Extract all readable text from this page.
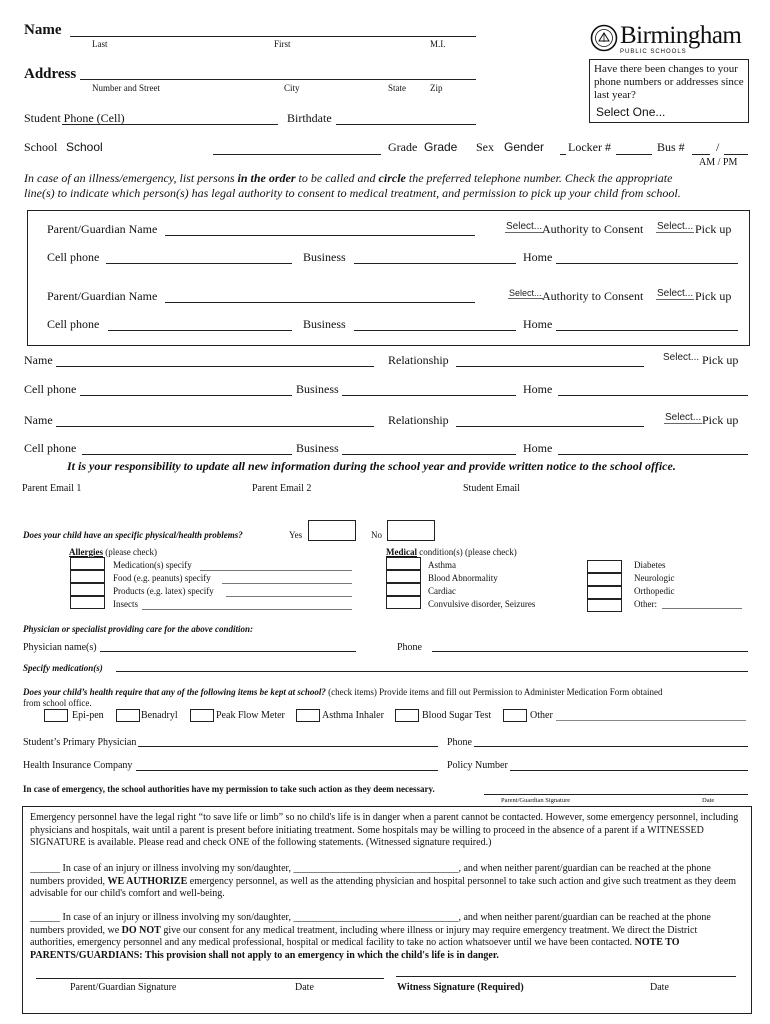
Name
Last	First	M.I.
Address
Number and Street	City	State	Zip
Birmingham
PUBLIC SCHOOLS
Have there been changes to your phone numbers or addresses since last year?
Select One...
Student Phone (Cell)	Birthdate
School School	Grade Grade Sex Gender Locker #	Bus #	/
AM / PM
In case of an illness/emergency, list persons in the order to be called and circle the preferred telephone number. Check the appropriate
line(s) to indicate which person(s) has legal authority to consent to medical treatment, and permission to pick up your child from school.
Parent/Guardian Name	Select... Authority to Consent Select... Pick up
Cell phone	Business	Home
Parent/Guardian Name	Select... Authority to Consent Select... Pick up
Cell phone	Business	Home
Name	Relationship	Select... Pick up
Cell phone	Business	Home
Name	Relationship	Select... Pick up
Cell phone	Business	Home
It is your responsibility to update all new information during the school year and provide written notice to the school office.
Parent Email 1	Parent Email 2	Student Email
Does your child have an specific physical/health problems?	Yes	No
Allergies (please check)
Medication(s) specify
Food (e.g. peanuts) specify
Products (e.g. latex) specify
Insects
Medical condition(s) (please check)
Asthma
Blood Abnormality
Cardiac
Convulsive disorder, Seizures
Diabetes
Neurologic
Orthopedic
Other:
Physician or specialist providing care for the above condition:
Physician name(s)	Phone
Specify medication(s)
Does your child’s health require that any of the following items be kept at school? (check items) Provide items and fill out Permission to Administer Medication Form obtained
from school office.
Epi-pen	Benadryl	Peak Flow Meter	Asthma Inhaler	Blood Sugar Test	Other
Student’s Primary Physician	Phone
Health Insurance Company	Policy Number
In case of emergency, the school authorities have my permission to take such action as they deem necessary.
Parent/Guardian Signature	Date
Emergency personnel have the legal right “to save life or limb” so no child's life is in danger when a parent cannot be contacted. However, some emergency personnel, including physicians and hospitals, wait until a parent is present before initiating treatment. Some hospitals may be willing to proceed in the absence of a parent if a WITNESSED SIGNATURE is available. Please read and check ONE of the following statements. (Witnessed signature required.)
______ In case of an injury or illness involving my son/daughter, _________________________________, and when neither parent/guardian can be reached at the phone numbers provided, WE AUTHORIZE emergency personnel, as well as the attending physician and hospital personnel to take such action and give such treatment as they deem advisable for our child's comfort and well-being.
______ In case of an injury or illness involving my son/daughter, _________________________________, and when neither parent/guardian can be reached at the phone numbers provided, we DO NOT give our consent for any medical treatment, including where illness or injury may require emergency treatment. We direct the District authorities, emergency personnel and any medical professional, hospital or medical facility to take no action whatsoever until we have been contacted. NOTE TO PARENTS/GUARDIANS: This provision shall not apply to an emergency in which the child's life is in danger.
Parent/Guardian Signature	Date	Witness Signature (Required)	Date
